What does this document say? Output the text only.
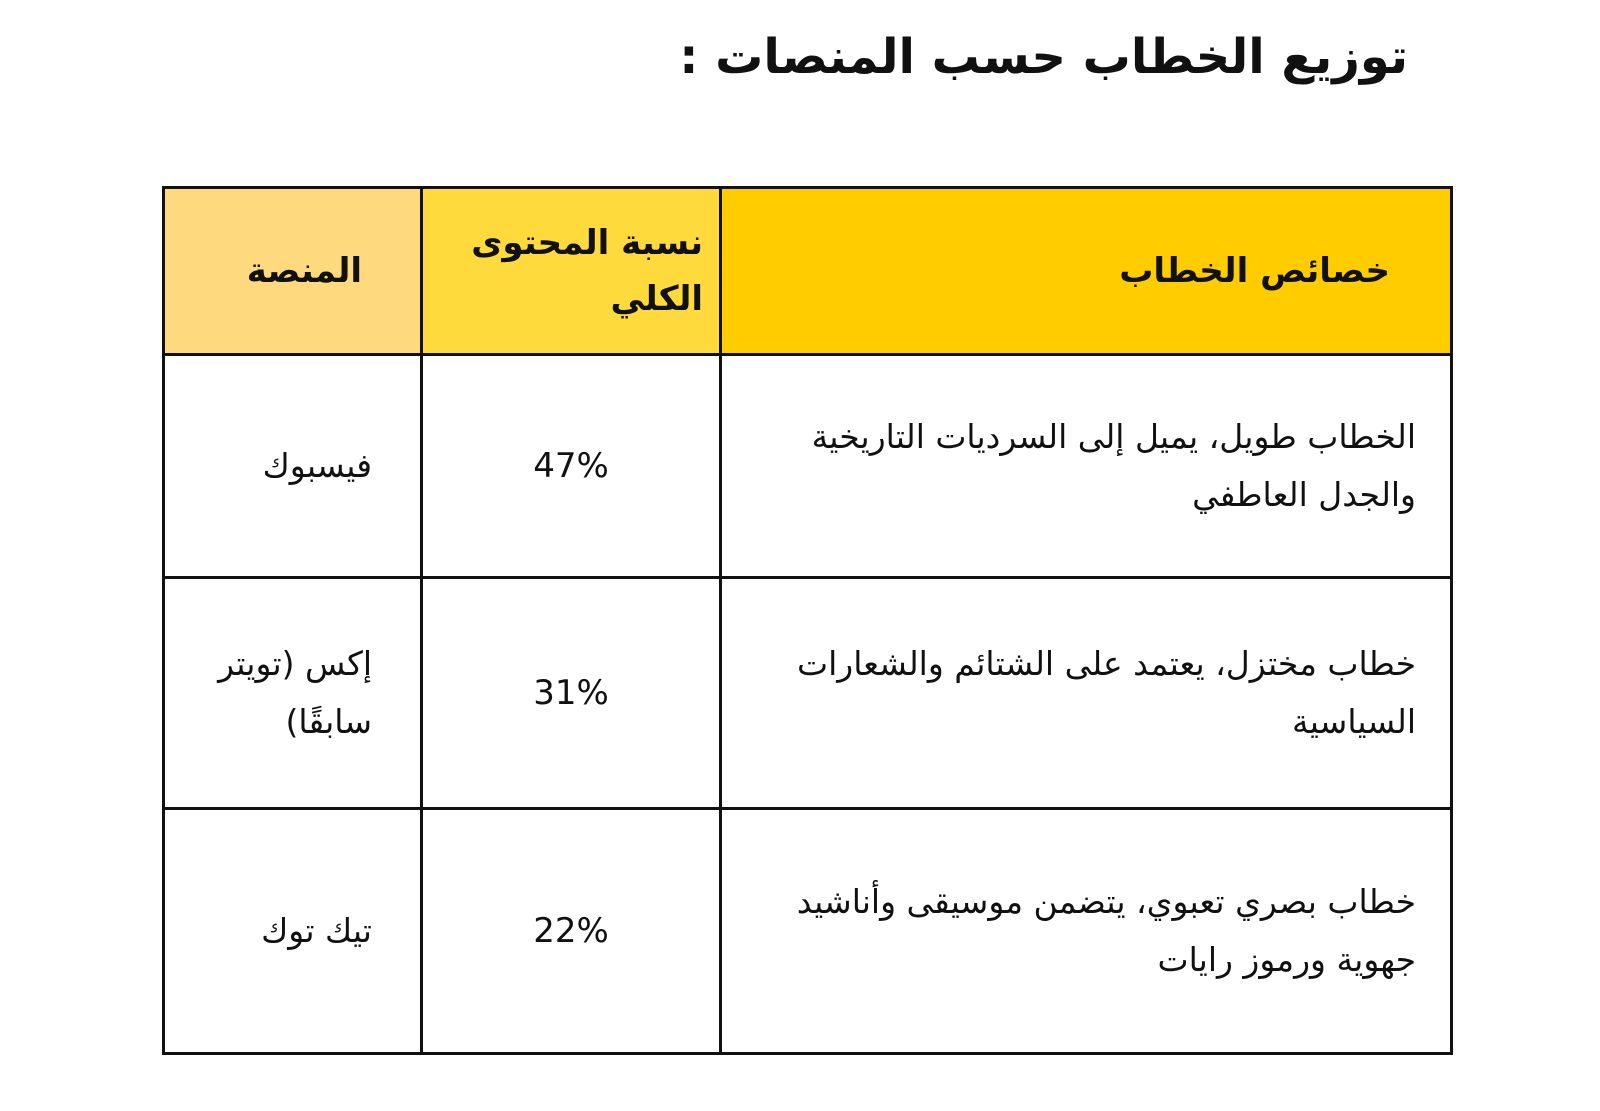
توزيع الخطاب حسب المنصات :
المنصة	نسبة المحتوى الكلي	خصائص الخطاب
فيسبوك	47%	الخطاب طويل، يميل إلى السرديات التاريخية والجدل العاطفي
إكس (تويتر سابقًا)	31%	خطاب مختزل، يعتمد على الشتائم والشعارات السياسية
تيك توك	22%	خطاب بصري تعبوي، يتضمن موسيقى وأناشيد جهوية ورموز رايات
